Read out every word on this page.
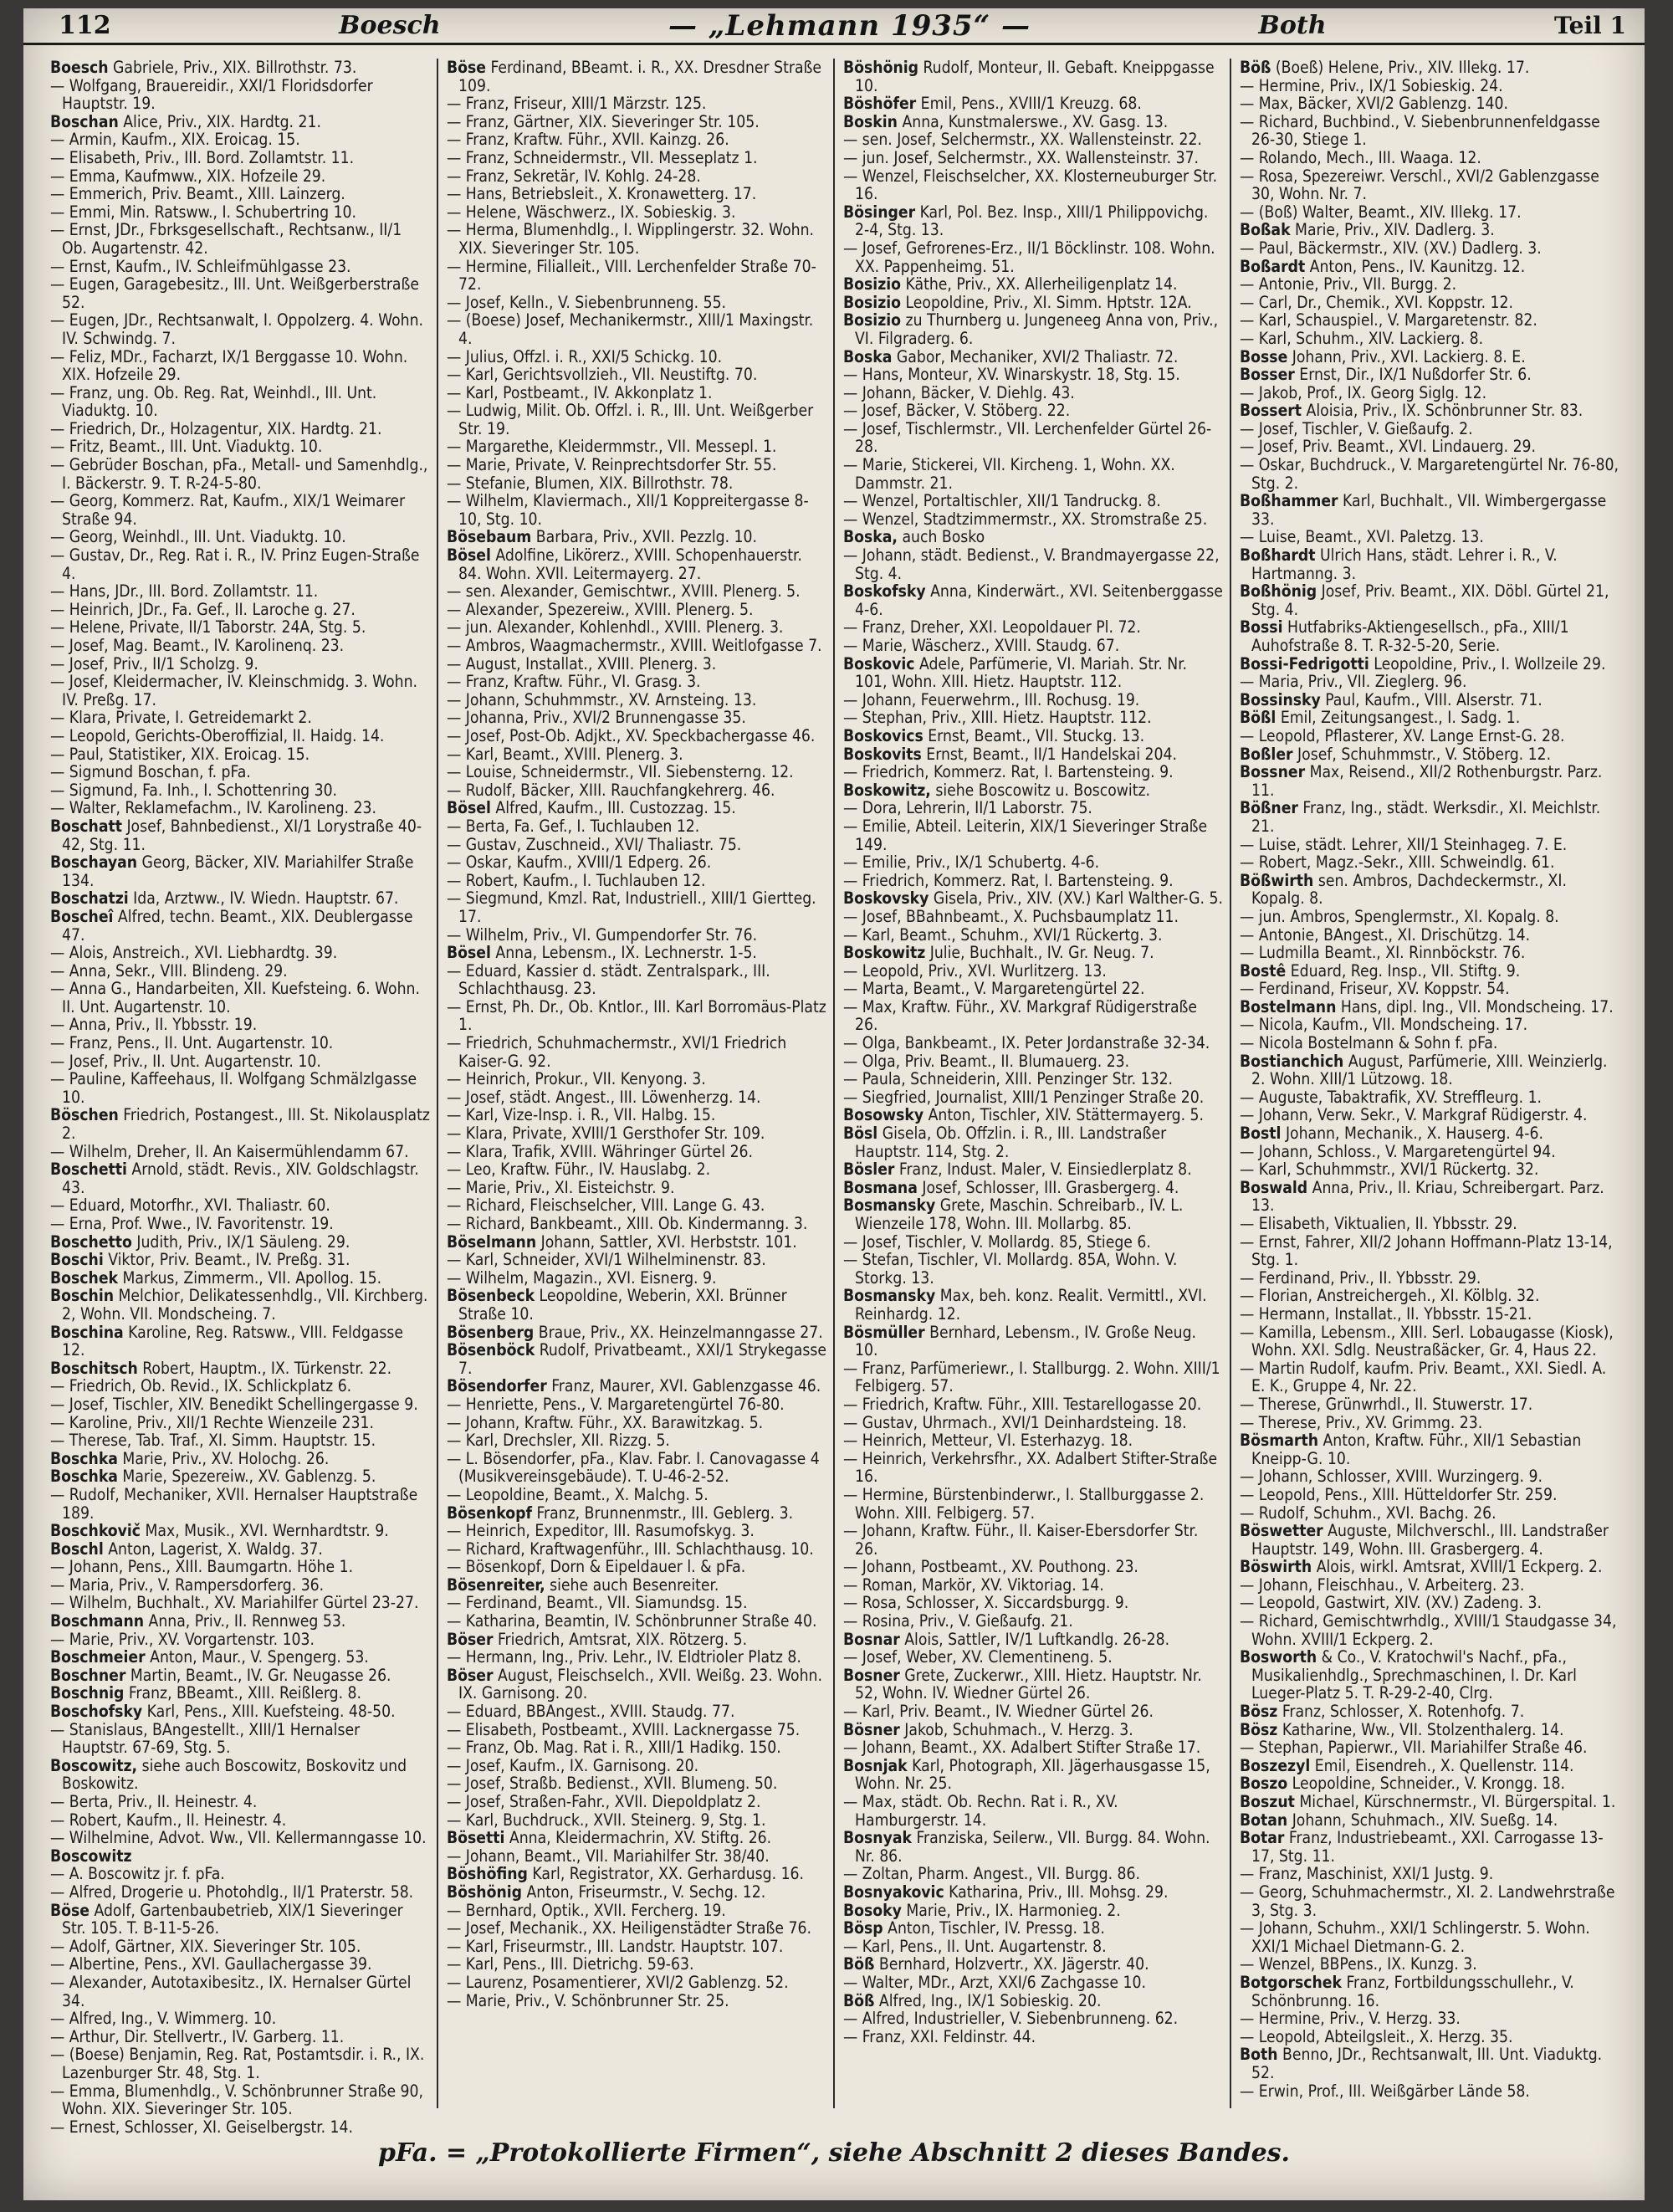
112	Boesch	— „Lehmann 1935“ —	Both	Teil 1

Boesch Gabriele, Priv., XIX. Billrothstr. 73.

— Wolfgang, Brauereidir., XXI/1 Floridsdorfer Hauptstr. 19.

Boschan Alice, Priv., XIX. Hardtg. 21.

— Armin, Kaufm., XIX. Eroicag. 15.

— Elisabeth, Priv., III. Bord. Zollamtstr. 11.

— Emma, Kaufmww., XIX. Hofzeile 29.

— Emmerich, Priv. Beamt., XIII. Lainzerg.

— Emmi, Min. Ratsww., I. Schubertring 10.

— Ernst, JDr., Fbrksgesellschaft., Rechtsanw., II/1 Ob. Augartenstr. 42.

— Ernst, Kaufm., IV. Schleifmühlgasse 23.

— Eugen, Garagebesitz., III. Unt. Weißgerberstraße 52.

— Eugen, JDr., Rechtsanwalt, I. Oppolzerg. 4. Wohn. IV. Schwindg. 7.

— Feliz, MDr., Facharzt, IX/1 Berggasse 10. Wohn. XIX. Hofzeile 29.

— Franz, ung. Ob. Reg. Rat, Weinhdl., III. Unt. Viaduktg. 10.

— Friedrich, Dr., Holzagentur, XIX. Hardtg. 21.

— Fritz, Beamt., III. Unt. Viaduktg. 10.

— Gebrüder Boschan, pFa., Metall- und Samenhdlg., I. Bäckerstr. 9. T. R-24-5-80.

— Georg, Kommerz. Rat, Kaufm., XIX/1 Weimarer Straße 94.

— Georg, Weinhdl., III. Unt. Viaduktg. 10.

— Gustav, Dr., Reg. Rat i. R., IV. Prinz Eugen-Straße 4.

— Hans, JDr., III. Bord. Zollamtstr. 11.

— Heinrich, JDr., Fa. Gef., II. Laroche g. 27.

— Helene, Private, II/1 Taborstr. 24A, Stg. 5.

— Josef, Mag. Beamt., IV. Karolinenq. 23.

— Josef, Priv., II/1 Scholzg. 9.

— Josef, Kleidermacher, IV. Kleinschmidg. 3. Wohn. IV. Preßg. 17.

— Klara, Private, I. Getreidemarkt 2.

— Leopold, Gerichts-Oberoffizial, II. Haidg. 14.

— Paul, Statistiker, XIX. Eroicag. 15.

— Sigmund Boschan, f. pFa.

— Sigmund, Fa. Inh., I. Schottenring 30.

— Walter, Reklamefachm., IV. Karolineng. 23.

Boschatt Josef, Bahnbedienst., XI/1 Lorystraße 40-42, Stg. 11.

Boschayan Georg, Bäcker, XIV. Mariahilfer Straße 134.

Boschatzi Ida, Arztww., IV. Wiedn. Hauptstr. 67.

Boscheî Alfred, techn. Beamt., XIX. Deublergasse 47.

— Alois, Anstreich., XVI. Liebhardtg. 39.

— Anna, Sekr., VIII. Blindeng. 29.

— Anna G., Handarbeiten, XII. Kuefsteing. 6. Wohn. II. Unt. Augartenstr. 10.

— Anna, Priv., II. Ybbsstr. 19.

— Franz, Pens., II. Unt. Augartenstr. 10.

— Josef, Priv., II. Unt. Augartenstr. 10.

— Pauline, Kaffeehaus, II. Wolfgang Schmälzlgasse 10.

Böschen Friedrich, Postangest., III. St. Nikolausplatz 2.

— Wilhelm, Dreher, II. An Kaisermühlendamm 67.

Boschetti Arnold, städt. Revis., XIV. Goldschlagstr. 43.

— Eduard, Motorfhr., XVI. Thaliastr. 60.

— Erna, Prof. Wwe., IV. Favoritenstr. 19.

Boschetto Judith, Priv., IX/1 Säuleng. 29.

Boschi Viktor, Priv. Beamt., IV. Preßg. 31.

Boschek Markus, Zimmerm., VII. Apollog. 15.

Boschin Melchior, Delikatessenhdlg., VII. Kirchberg. 2, Wohn. VII. Mondscheing. 7.

Boschina Karoline, Reg. Ratsww., VIII. Feldgasse 12.

Boschitsch Robert, Hauptm., IX. Türkenstr. 22.

— Friedrich, Ob. Revid., IX. Schlickplatz 6.

— Josef, Tischler, XIV. Benedikt Schellingergasse 9.

— Karoline, Priv., XII/1 Rechte Wienzeile 231.

— Therese, Tab. Traf., XI. Simm. Hauptstr. 15.

Boschka Marie, Priv., XV. Holochg. 26.

Boschka Marie, Spezereiw., XV. Gablenzg. 5.

— Rudolf, Mechaniker, XVII. Hernalser Hauptstraße 189.

Boschkovič Max, Musik., XVI. Wernhardtstr. 9.

Boschl Anton, Lagerist, X. Waldg. 37.

— Johann, Pens., XIII. Baumgartn. Höhe 1.

— Maria, Priv., V. Rampersdorferg. 36.

— Wilhelm, Buchhalt., XV. Mariahilfer Gürtel 23-27.

Boschmann Anna, Priv., II. Rennweg 53.

— Marie, Priv., XV. Vorgartenstr. 103.

Boschmeier Anton, Maur., V. Spengerg. 53.

Boschner Martin, Beamt., IV. Gr. Neugasse 26.

Boschnig Franz, BBeamt., XIII. Reißlerg. 8.

Boschofsky Karl, Pens., XIII. Kuefsteing. 48-50.

— Stanislaus, BAngestellt., XIII/1 Hernalser Hauptstr. 67-69, Stg. 5.

Boscowitz, siehe auch Boscowitz, Boskovitz und Boskowitz.

— Berta, Priv., II. Heinestr. 4.

— Robert, Kaufm., II. Heinestr. 4.

— Wilhelmine, Advot. Ww., VII. Kellermanngasse 10.

Boscowitz

— A. Boscowitz jr. f. pFa.

— Alfred, Drogerie u. Photohdlg., II/1 Praterstr. 58.

Böse Adolf, Gartenbaubetrieb, XIX/1 Sieveringer Str. 105. T. B-11-5-26.

— Adolf, Gärtner, XIX. Sieveringer Str. 105.

— Albertine, Pens., XVI. Gaullachergasse 39.

— Alexander, Autotaxibesitz., IX. Hernalser Gürtel 34.

— Alfred, Ing., V. Wimmerg. 10.

— Arthur, Dir. Stellvertr., IV. Garberg. 11.

— (Boese) Benjamin, Reg. Rat, Postamtsdir. i. R., IX. Lazenburger Str. 48, Stg. 1.

— Emma, Blumenhdlg., V. Schönbrunner Straße 90, Wohn. XIX. Sieveringer Str. 105.

— Ernest, Schlosser, XI. Geiselbergstr. 14.

Böse Ferdinand, BBeamt. i. R., XX. Dresdner Straße 109.

— Franz, Friseur, XIII/1 Märzstr. 125.

— Franz, Gärtner, XIX. Sieveringer Str. 105.

— Franz, Kraftw. Führ., XVII. Kainzg. 26.

— Franz, Schneidermstr., VII. Messeplatz 1.

— Franz, Sekretär, IV. Kohlg. 24-28.

— Hans, Betriebsleit., X. Kronawetterg. 17.

— Helene, Wäschwerz., IX. Sobieskig. 3.

— Herma, Blumenhdlg., I. Wipplingerstr. 32. Wohn. XIX. Sieveringer Str. 105.

— Hermine, Filialleit., VIII. Lerchenfelder Straße 70-72.

— Josef, Kelln., V. Siebenbrunneng. 55.

— (Boese) Josef, Mechanikermstr., XIII/1 Maxingstr. 4.

— Julius, Offzl. i. R., XXI/5 Schickg. 10.

— Karl, Gerichtsvollzieh., VII. Neustiftg. 70.

— Karl, Postbeamt., IV. Akkonplatz 1.

— Ludwig, Milit. Ob. Offzl. i. R., III. Unt. Weißgerber Str. 19.

— Margarethe, Kleidermmstr., VII. Messepl. 1.

— Marie, Private, V. Reinprechtsdorfer Str. 55.

— Stefanie, Blumen, XIX. Billrothstr. 78.

— Wilhelm, Klaviermach., XII/1 Koppreitergasse 8-10, Stg. 10.

Bösebaum Barbara, Priv., XVII. Pezzlg. 10.

Bösel Adolfine, Likörerz., XVIII. Schopenhauerstr. 84. Wohn. XVII. Leitermayerg. 27.

— sen. Alexander, Gemischtwr., XVIII. Plenerg. 5.

— Alexander, Spezereiw., XVIII. Plenerg. 5.

— jun. Alexander, Kohlenhdl., XVIII. Plenerg. 3.

— Ambros, Waagmachermstr., XVIII. Weitlofgasse 7.

— August, Installat., XVIII. Plenerg. 3.

— Franz, Kraftw. Führ., VI. Grasg. 3.

— Johann, Schuhmmstr., XV. Arnsteing. 13.

— Johanna, Priv., XVI/2 Brunnengasse 35.

— Josef, Post-Ob. Adjkt., XV. Speckbachergasse 46.

— Karl, Beamt., XVIII. Plenerg. 3.

— Louise, Schneidermstr., VII. Siebensterng. 12.

— Rudolf, Bäcker, XIII. Rauchfangkehrerg. 46.

Bösel Alfred, Kaufm., III. Custozzag. 15.

— Berta, Fa. Gef., I. Tuchlauben 12.

— Gustav, Zuschneid., XVI/ Thaliastr. 75.

— Oskar, Kaufm., XVIII/1 Edperg. 26.

— Robert, Kaufm., I. Tuchlauben 12.

— Siegmund, Kmzl. Rat, Industriell., XIII/1 Giertteg. 17.

— Wilhelm, Priv., VI. Gumpendorfer Str. 76.

Bösel Anna, Lebensm., IX. Lechnerstr. 1-5.

— Eduard, Kassier d. städt. Zentralspark., III. Schlachthausg. 23.

— Ernst, Ph. Dr., Ob. Kntlor., III. Karl Borromäus-Platz 1.

— Friedrich, Schuhmachermstr., XVI/1 Friedrich Kaiser-G. 92.

— Heinrich, Prokur., VII. Kenyong. 3.

— Josef, städt. Angest., III. Löwenherzg. 14.

— Karl, Vize-Insp. i. R., VII. Halbg. 15.

— Klara, Private, XVIII/1 Gersthofer Str. 109.

— Klara, Trafik, XVIII. Währinger Gürtel 26.

— Leo, Kraftw. Führ., IV. Hauslabg. 2.

— Marie, Priv., XI. Eisteichstr. 9.

— Richard, Fleischselcher, VIII. Lange G. 43.

— Richard, Bankbeamt., XIII. Ob. Kindermanng. 3.

Böselmann Johann, Sattler, XVI. Herbststr. 101.

— Karl, Schneider, XVI/1 Wilhelminenstr. 83.

— Wilhelm, Magazin., XVI. Eisnerg. 9.

Bösenbeck Leopoldine, Weberin, XXI. Brünner Straße 10.

Bösenberg Braue, Priv., XX. Heinzelmanngasse 27.

Bösenböck Rudolf, Privatbeamt., XXI/1 Strykegasse 7.

Bösendorfer Franz, Maurer, XVI. Gablenzgasse 46.

— Henriette, Pens., V. Margaretengürtel 76-80.

— Johann, Kraftw. Führ., XX. Barawitzkag. 5.

— Karl, Drechsler, XII. Rizzg. 5.

— L. Bösendorfer, pFa., Klav. Fabr. I. Canovagasse 4 (Musikvereinsgebäude). T. U-46-2-52.

— Leopoldine, Beamt., X. Malchg. 5.

Bösenkopf Franz, Brunnenmstr., III. Geblerg. 3.

— Heinrich, Expeditor, III. Rasumofskyg. 3.

— Richard, Kraftwagenführ., III. Schlachthausg. 10.

— Bösenkopf, Dorn & Eipeldauer l. & pFa.

Bösenreiter, siehe auch Besenreiter.

— Ferdinand, Beamt., VII. Siamundsg. 15.

— Katharina, Beamtin, IV. Schönbrunner Straße 40.

Böser Friedrich, Amtsrat, XIX. Rötzerg. 5.

— Hermann, Ing., Priv. Lehr., IV. Eldtrioler Platz 8.

Böser August, Fleischselch., XVII. Weißg. 23. Wohn. IX. Garnisong. 20.

— Eduard, BBAngest., XVIII. Staudg. 77.

— Elisabeth, Postbeamt., XVIII. Lacknergasse 75.

— Franz, Ob. Mag. Rat i. R., XIII/1 Hadikg. 150.

— Josef, Kaufm., IX. Garnisong. 20.

— Josef, Straßb. Bedienst., XVII. Blumeng. 50.

— Josef, Straßen-Fahr., XVII. Diepoldplatz 2.

— Karl, Buchdruck., XVII. Steinerg. 9, Stg. 1.

Bösetti Anna, Kleidermachrin, XV. Stiftg. 26.

— Johann, Beamt., VII. Mariahilfer Str. 38/40.

Böshöfing Karl, Registrator, XX. Gerhardusg. 16.

Böshönig Anton, Friseurmstr., V. Sechg. 12.

— Bernhard, Optik., XVII. Fercherg. 19.

— Josef, Mechanik., XX. Heiligenstädter Straße 76.

— Karl, Friseurmstr., III. Landstr. Hauptstr. 107.

— Karl, Pens., III. Dietrichg. 59-63.

— Laurenz, Posamentierer, XVI/2 Gablenzg. 52.

— Marie, Priv., V. Schönbrunner Str. 25.

Böshönig Rudolf, Monteur, II. Gebaft. Kneippgasse 10.

Böshöfer Emil, Pens., XVIII/1 Kreuzg. 68.

Boskin Anna, Kunstmalerswe., XV. Gasg. 13.

— sen. Josef, Selchermstr., XX. Wallensteinstr. 22.

— jun. Josef, Selchermstr., XX. Wallensteinstr. 37.

— Wenzel, Fleischselcher, XX. Klosterneuburger Str. 16.

Bösinger Karl, Pol. Bez. Insp., XIII/1 Philippovichg. 2-4, Stg. 13.

— Josef, Gefrorenes-Erz., II/1 Böcklinstr. 108. Wohn. XX. Pappenheimg. 51.

Bosizio Käthe, Priv., XX. Allerheiligenplatz 14.

Bosizio Leopoldine, Priv., XI. Simm. Hptstr. 12A.

Bosizio zu Thurnberg u. Jungeneeg Anna von, Priv., VI. Filgraderg. 6.

Boska Gabor, Mechaniker, XVI/2 Thaliastr. 72.

— Hans, Monteur, XV. Winarskystr. 18, Stg. 15.

— Johann, Bäcker, V. Diehlg. 43.

— Josef, Bäcker, V. Stöberg. 22.

— Josef, Tischlermstr., VII. Lerchenfelder Gürtel 26-28.

— Marie, Stickerei, VII. Kircheng. 1, Wohn. XX. Dammstr. 21.

— Wenzel, Portaltischler, XII/1 Tandruckg. 8.

— Wenzel, Stadtzimmermstr., XX. Stromstraße 25.

Boska, auch Bosko

— Johann, städt. Bedienst., V. Brandmayergasse 22, Stg. 4.

Boskofsky Anna, Kinderwärt., XVI. Seitenberggasse 4-6.

— Franz, Dreher, XXI. Leopoldauer Pl. 72.

— Marie, Wäscherz., XVIII. Staudg. 67.

Boskovic Adele, Parfümerie, VI. Mariah. Str. Nr. 101, Wohn. XIII. Hietz. Hauptstr. 112.

— Johann, Feuerwehrm., III. Rochusg. 19.

— Stephan, Priv., XIII. Hietz. Hauptstr. 112.

Boskovics Ernst, Beamt., VII. Stuckg. 13.

Boskovits Ernst, Beamt., II/1 Handelskai 204.

— Friedrich, Kommerz. Rat, I. Bartensteing. 9.

Boskowitz, siehe Boscowitz u. Boscowitz.

— Dora, Lehrerin, II/1 Laborstr. 75.

— Emilie, Abteil. Leiterin, XIX/1 Sieveringer Straße 149.

— Emilie, Priv., IX/1 Schubertg. 4-6.

— Friedrich, Kommerz. Rat, I. Bartensteing. 9.

Boskovsky Gisela, Priv., XIV. (XV.) Karl Walther-G. 5.

— Josef, BBahnbeamt., X. Puchsbaumplatz 11.

— Karl, Beamt., Schuhm., XVI/1 Rückertg. 3.

Boskowitz Julie, Buchhalt., IV. Gr. Neug. 7.

— Leopold, Priv., XVI. Wurlitzerg. 13.

— Marta, Beamt., V. Margaretengürtel 22.

— Max, Kraftw. Führ., XV. Markgraf Rüdigerstraße 26.

— Olga, Bankbeamt., IX. Peter Jordanstraße 32-34.

— Olga, Priv. Beamt., II. Blumauerg. 23.

— Paula, Schneiderin, XIII. Penzinger Str. 132.

— Siegfried, Journalist, XIII/1 Penzinger Straße 20.

Bosowsky Anton, Tischler, XIV. Stättermayerg. 5.

Bösl Gisela, Ob. Offzlin. i. R., III. Landstraßer Hauptstr. 114, Stg. 2.

Bösler Franz, Indust. Maler, V. Einsiedlerplatz 8.

Bosmana Josef, Schlosser, III. Grasbergerg. 4.

Bosmansky Grete, Maschin. Schreibarb., IV. L. Wienzeile 178, Wohn. III. Mollarbg. 85.

— Josef, Tischler, V. Mollardg. 85, Stiege 6.

— Stefan, Tischler, VI. Mollardg. 85A, Wohn. V. Storkg. 13.

Bosmansky Max, beh. konz. Realit. Vermittl., XVI. Reinhardg. 12.

Bösmüller Bernhard, Lebensm., IV. Große Neug. 10.

— Franz, Parfümeriewr., I. Stallburgg. 2. Wohn. XIII/1 Felbigerg. 57.

— Friedrich, Kraftw. Führ., XIII. Testarellogasse 20.

— Gustav, Uhrmach., XVI/1 Deinhardsteing. 18.

— Heinrich, Metteur, VI. Esterhazyg. 18.

— Heinrich, Verkehrsfhr., XX. Adalbert Stifter-Straße 16.

— Hermine, Bürstenbinderwr., I. Stallburggasse 2. Wohn. XIII. Felbigerg. 57.

— Johann, Kraftw. Führ., II. Kaiser-Ebersdorfer Str. 26.

— Johann, Postbeamt., XV. Pouthong. 23.

— Roman, Markör, XV. Viktoriag. 14.

— Rosa, Schlosser, X. Siccardsburgg. 9.

— Rosina, Priv., V. Gießaufg. 21.

Bosnar Alois, Sattler, IV/1 Luftkandlg. 26-28.

— Josef, Weber, XV. Clementineng. 5.

Bosner Grete, Zuckerwr., XIII. Hietz. Hauptstr. Nr. 52, Wohn. IV. Wiedner Gürtel 26.

— Karl, Priv. Beamt., IV. Wiedner Gürtel 26.

Bösner Jakob, Schuhmach., V. Herzg. 3.

— Johann, Beamt., XX. Adalbert Stifter Straße 17.

Bosnjak Karl, Photograph, XII. Jägerhausgasse 15, Wohn. Nr. 25.

— Max, städt. Ob. Rechn. Rat i. R., XV. Hamburgerstr. 14.

Bosnyak Franziska, Seilerw., VII. Burgg. 84. Wohn. Nr. 86.

— Zoltan, Pharm. Angest., VII. Burgg. 86.

Bosnyakovic Katharina, Priv., III. Mohsg. 29.

Bosoky Marie, Priv., IX. Harmonieg. 2.

Bösp Anton, Tischler, IV. Pressg. 18.

— Karl, Pens., II. Unt. Augartenstr. 8.

Böß Bernhard, Holzvertr., XX. Jägerstr. 40.

— Walter, MDr., Arzt, XXI/6 Zachgasse 10.

Böß Alfred, Ing., IX/1 Sobieskig. 20.

— Alfred, Industrieller, V. Siebenbrunneng. 62.

— Franz, XXI. Feldinstr. 44.

Böß (Boeß) Helene, Priv., XIV. Illekg. 17.

— Hermine, Priv., IX/1 Sobieskig. 24.

— Max, Bäcker, XVI/2 Gablenzg. 140.

— Richard, Buchbind., V. Siebenbrunnenfeldgasse 26-30, Stiege 1.

— Rolando, Mech., III. Waaga. 12.

— Rosa, Spezereiwr. Verschl., XVI/2 Gablenzgasse 30, Wohn. Nr. 7.

— (Boß) Walter, Beamt., XIV. Illekg. 17.

Boßak Marie, Priv., XIV. Dadlerg. 3.

— Paul, Bäckermstr., XIV. (XV.) Dadlerg. 3.

Boßardt Anton, Pens., IV. Kaunitzg. 12.

— Antonie, Priv., VII. Burgg. 2.

— Carl, Dr., Chemik., XVI. Koppstr. 12.

— Karl, Schauspiel., V. Margaretenstr. 82.

— Karl, Schuhm., XIV. Lackierg. 8.

Bosse Johann, Priv., XVI. Lackierg. 8. E.

Bosser Ernst, Dir., IX/1 Nußdorfer Str. 6.

— Jakob, Prof., IX. Georg Siglg. 12.

Bossert Aloisia, Priv., IX. Schönbrunner Str. 83.

— Josef, Tischler, V. Gießaufg. 2.

— Josef, Priv. Beamt., XVI. Lindauerg. 29.

— Oskar, Buchdruck., V. Margaretengürtel Nr. 76-80, Stg. 2.

Boßhammer Karl, Buchhalt., VII. Wimbergergasse 33.

— Luise, Beamt., XVI. Paletzg. 13.

Boßhardt Ulrich Hans, städt. Lehrer i. R., V. Hartmanng. 3.

Boßhönig Josef, Priv. Beamt., XIX. Döbl. Gürtel 21, Stg. 4.

Bossi Hutfabriks-Aktiengesellsch., pFa., XIII/1 Auhofstraße 8. T. R-32-5-20, Serie.

Bossi-Fedrigotti Leopoldine, Priv., I. Wollzeile 29.

— Maria, Priv., VII. Zieglerg. 96.

Bossinsky Paul, Kaufm., VIII. Alserstr. 71.

Bößl Emil, Zeitungsangest., I. Sadg. 1.

— Leopold, Pflasterer, XV. Lange Ernst-G. 28.

Boßler Josef, Schuhmmstr., V. Stöberg. 12.

Bossner Max, Reisend., XII/2 Rothenburgstr. Parz. 11.

Bößner Franz, Ing., städt. Werksdir., XI. Meichlstr. 21.

— Luise, städt. Lehrer, XII/1 Steinhageg. 7. E.

— Robert, Magz.-Sekr., XIII. Schweindlg. 61.

Bößwirth sen. Ambros, Dachdeckermstr., XI. Kopalg. 8.

— jun. Ambros, Spenglermstr., XI. Kopalg. 8.

— Antonie, BAngest., XI. Drischützg. 14.

— Ludmilla Beamt., XI. Rinnböckstr. 76.

Bostê Eduard, Reg. Insp., VII. Stiftg. 9.

— Ferdinand, Friseur, XV. Koppstr. 54.

Bostelmann Hans, dipl. Ing., VII. Mondscheing. 17.

— Nicola, Kaufm., VII. Mondscheing. 17.

— Nicola Bostelmann & Sohn f. pFa.

Bostianchich August, Parfümerie, XIII. Weinzierlg. 2. Wohn. XIII/1 Lützowg. 18.

— Auguste, Tabaktrafik, XV. Streffleurg. 1.

— Johann, Verw. Sekr., V. Markgraf Rüdigerstr. 4.

Bostl Johann, Mechanik., X. Hauserg. 4-6.

— Johann, Schloss., V. Margaretengürtel 94.

— Karl, Schuhmmstr., XVI/1 Rückertg. 32.

Boswald Anna, Priv., II. Kriau, Schreibergart. Parz. 13.

— Elisabeth, Viktualien, II. Ybbsstr. 29.

— Ernst, Fahrer, XII/2 Johann Hoffmann-Platz 13-14, Stg. 1.

— Ferdinand, Priv., II. Ybbsstr. 29.

— Florian, Anstreichergeh., XI. Kölblg. 32.

— Hermann, Installat., II. Ybbsstr. 15-21.

— Kamilla, Lebensm., XIII. Serl. Lobaugasse (Kiosk), Wohn. XXI. Sdlg. Neustraßäcker, Gr. 4, Haus 22.

— Martin Rudolf, kaufm. Priv. Beamt., XXI. Siedl. A. E. K., Gruppe 4, Nr. 22.

— Therese, Grünwrhdl., II. Stuwerstr. 17.

— Therese, Priv., XV. Grimmg. 23.

Bösmarth Anton, Kraftw. Führ., XII/1 Sebastian Kneipp-G. 10.

— Johann, Schlosser, XVIII. Wurzingerg. 9.

— Leopold, Pens., XIII. Hütteldorfer Str. 259.

— Rudolf, Schuhm., XVI. Bachg. 26.

Böswetter Auguste, Milchverschl., III. Landstraßer Hauptstr. 149, Wohn. III. Grasbergerg. 4.

Böswirth Alois, wirkl. Amtsrat, XVIII/1 Eckperg. 2.

— Johann, Fleischhau., V. Arbeiterg. 23.

— Leopold, Gastwirt, XIV. (XV.) Zadeng. 3.

— Richard, Gemischtwrhdlg., XVIII/1 Staudgasse 34, Wohn. XVIII/1 Eckperg. 2.

Bosworth & Co., V. Kratochwil's Nachf., pFa., Musikalienhdlg., Sprechmaschinen, I. Dr. Karl Lueger-Platz 5. T. R-29-2-40, Clrg.

Bösz Franz, Schlosser, X. Rotenhofg. 7.

Bösz Katharine, Ww., VII. Stolzenthalerg. 14.

— Stephan, Papierwr., VII. Mariahilfer Straße 46.

Boszezyl Emil, Eisendreh., X. Quellenstr. 114.

Boszo Leopoldine, Schneider., V. Krongg. 18.

Boszut Michael, Kürschnermstr., VI. Bürgerspital. 1.

Botan Johann, Schuhmach., XIV. Sueßg. 14.

Botar Franz, Industriebeamt., XXI. Carrogasse 13-17, Stg. 11.

— Franz, Maschinist, XXI/1 Justg. 9.

— Georg, Schuhmachermstr., XI. 2. Landwehrstraße 3, Stg. 3.

— Johann, Schuhm., XXI/1 Schlingerstr. 5. Wohn. XXI/1 Michael Dietmann-G. 2.

— Wenzel, BBPens., IX. Kunzg. 3.

Botgorschek Franz, Fortbildungsschullehr., V. Schönbrunng. 16.

— Hermine, Priv., V. Herzg. 33.

— Leopold, Abteilgsleit., X. Herzg. 35.

Both Benno, JDr., Rechtsanwalt, III. Unt. Viaduktg. 52.

— Erwin, Prof., III. Weißgärber Lände 58.

pFa. = „Protokollierte Firmen“, siehe Abschnitt 2 dieses Bandes.
